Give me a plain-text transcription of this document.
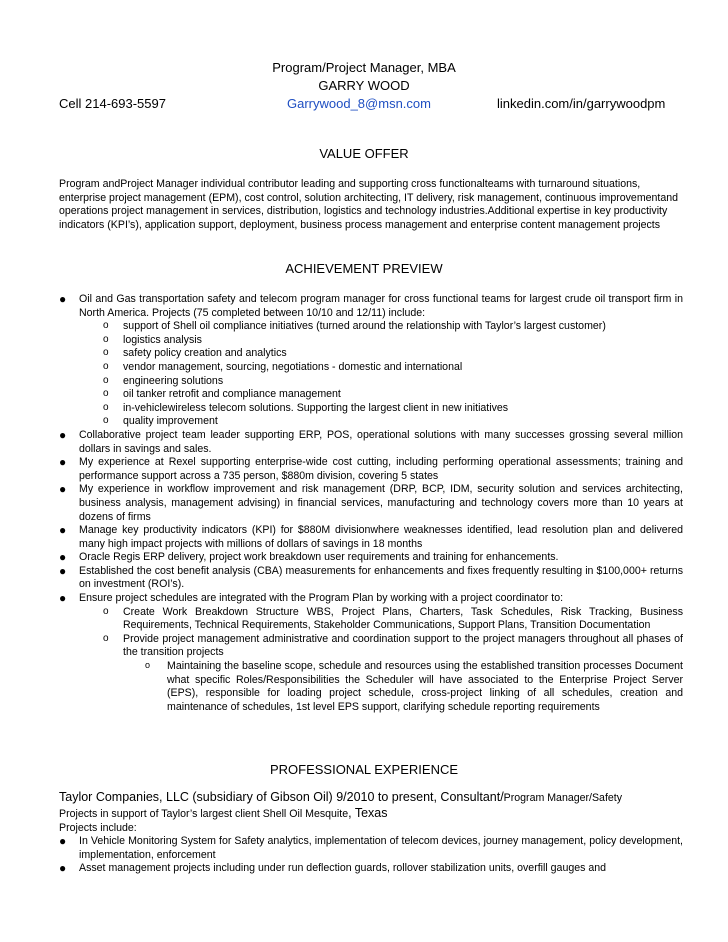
Program/Project Manager, MBA
GARRY WOOD
Cell 214-693-5597	Garrywood_8@msn.com	linkedin.com/in/garrywoodpm
VALUE OFFER
Program andProject Manager individual contributor leading and supporting cross functionalteams with turnaround situations, enterprise project management (EPM), cost control, solution architecting, IT delivery, risk management, continuous improvementand operations project management in services, distribution, logistics and technology industries.Additional expertise in key productivity indicators (KPI’s), application support, deployment, business process management and enterprise content management projects
ACHIEVEMENT PREVIEW
● Oil and Gas transportation safety and telecom program manager for cross functional teams for largest crude oil transport firm in North America. Projects (75 completed between 10/10 and 12/11) include:
o support of Shell oil compliance initiatives (turned around the relationship with Taylor’s largest customer)
o logistics analysis
o safety policy creation and analytics
o vendor management, sourcing, negotiations - domestic and international
o engineering solutions
o oil tanker retrofit and compliance management
o in-vehiclewireless telecom solutions. Supporting the largest client in new initiatives
o quality improvement
● Collaborative project team leader supporting ERP, POS, operational solutions with many successes grossing several million dollars in savings and sales.
● My experience at Rexel supporting enterprise-wide cost cutting, including performing operational assessments; training and performance support across a 735 person, $880m division, covering 5 states
● My experience in workflow improvement and risk management (DRP, BCP, IDM, security solution and services architecting, business analysis, management advising) in financial services, manufacturing and technology covers more than 10 years at dozens of firms
● Manage key productivity indicators (KPI) for $880M divisionwhere weaknesses identified, lead resolution plan and delivered many high impact projects with millions of dollars of savings in 18 months
● Oracle Regis ERP delivery, project work breakdown user requirements and training for enhancements.
● Established the cost benefit analysis (CBA) measurements for enhancements and fixes frequently resulting in $100,000+ returns on investment (ROI’s).
● Ensure project schedules are integrated with the Program Plan by working with a project coordinator to:
o Create Work Breakdown Structure WBS, Project Plans, Charters, Task Schedules, Risk Tracking, Business Requirements, Technical Requirements, Stakeholder Communications, Support Plans, Transition Documentation
o Provide project management administrative and coordination support to the project managers throughout all phases of the transition projects
o Maintaining the baseline scope, schedule and resources using the established transition processes Document what specific Roles/Responsibilities the Scheduler will have associated to the Enterprise Project Server (EPS), responsible for loading project schedule, cross-project linking of all schedules, creation and maintenance of schedules, 1st level EPS support, clarifying schedule reporting requirements
PROFESSIONAL EXPERIENCE
Taylor Companies, LLC (subsidiary of Gibson Oil) 9/2010 to present, Consultant/Program Manager/Safety
Projects in support of Taylor’s largest client Shell Oil Mesquite, Texas
Projects include:
● In Vehicle Monitoring System for Safety analytics, implementation of telecom devices, journey management, policy development, implementation, enforcement
● Asset management projects including under run deflection guards, rollover stabilization units, overfill gauges and
